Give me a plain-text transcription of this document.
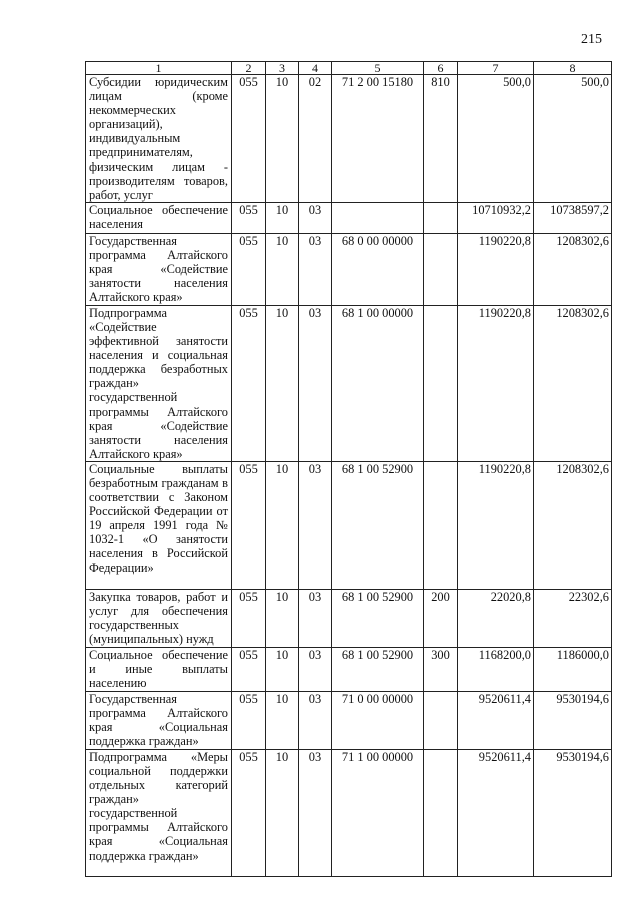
215
1	2	3	4	5	6	7	8
Субсидии юридическим лицам (кроме некоммерческих организаций), индивидуальным предпринимателям, физическим лицам - производителям товаров, работ, услуг	055	10	02	71 2 00 15180	810	500,0	500,0
Социальное обеспечение населения	055	10	03			10710932,2	10738597,2
Государственная программа Алтайского края «Содействие занятости населения Алтайского края»	055	10	03	68 0 00 00000		1190220,8	1208302,6
Подпрограмма «Содействие эффективной занятости населения и социальная поддержка безработных граждан» государственной программы Алтайского края «Содействие занятости населения Алтайского края»	055	10	03	68 1 00 00000		1190220,8	1208302,6
Социальные выплаты безработным гражданам в соответствии с Законом Российской Федерации от 19 апреля 1991 года № 1032-1 «О занятости населения в Российской Федерации»	055	10	03	68 1 00 52900		1190220,8	1208302,6
Закупка товаров, работ и услуг для обеспечения государственных (муниципальных) нужд	055	10	03	68 1 00 52900	200	22020,8	22302,6
Социальное обеспечение и иные выплаты населению	055	10	03	68 1 00 52900	300	1168200,0	1186000,0
Государственная программа Алтайского края «Социальная поддержка граждан»	055	10	03	71 0 00 00000		9520611,4	9530194,6
Подпрограмма «Меры социальной поддержки отдельных категорий граждан» государственной программы Алтайского края «Социальная поддержка граждан»	055	10	03	71 1 00 00000		9520611,4	9530194,6
